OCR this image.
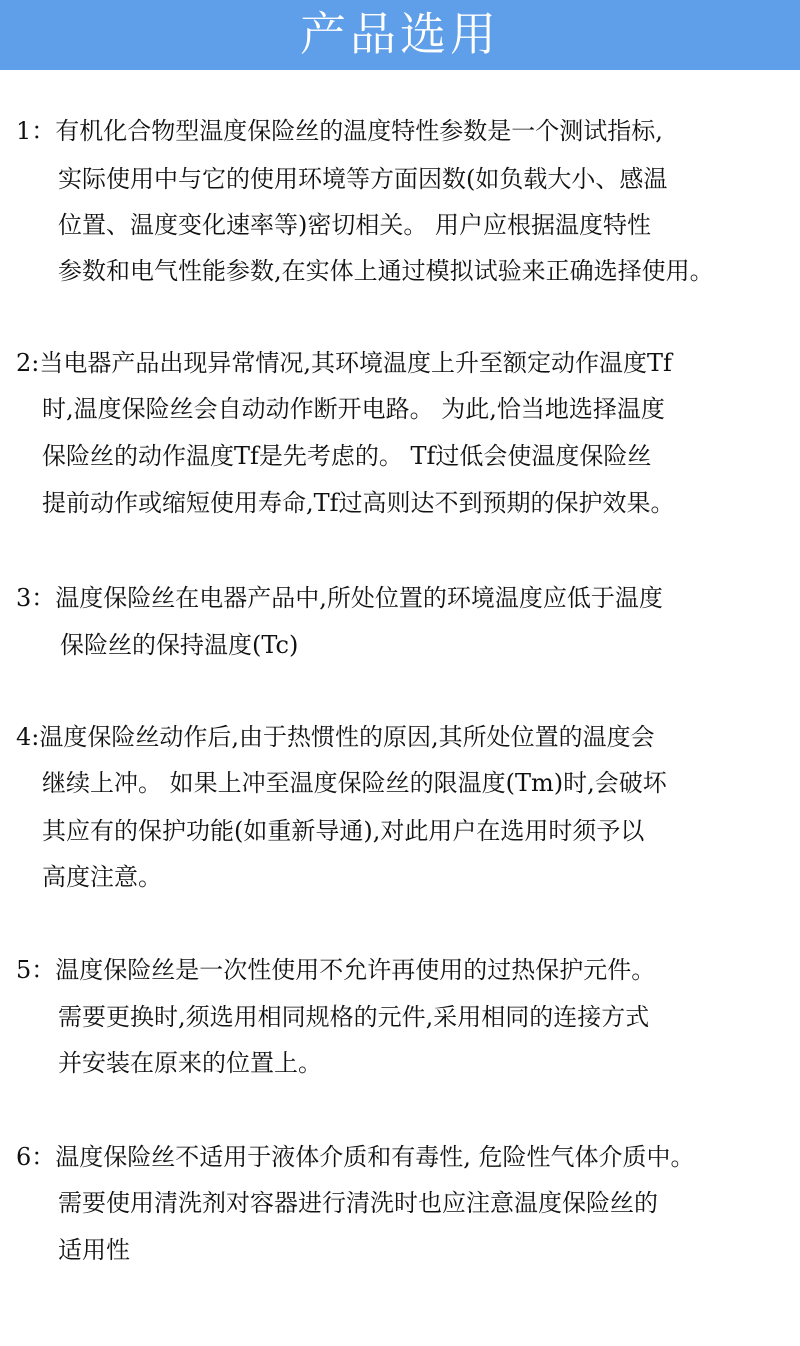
产品选用
1：有机化合物型温度保险丝的温度特性参数是一个测试指标,
实际使用中与它的使用环境等方面因数(如负载大小、感温
位置、温度变化速率等)密切相关。 用户应根据温度特性
参数和电气性能参数,在实体上通过模拟试验来正确选择使用。
2:当电器产品出现异常情况,其环境温度上升至额定动作温度Tf
时,温度保险丝会自动动作断开电路。 为此,恰当地选择温度
保险丝的动作温度Tf是先考虑的。 Tf过低会使温度保险丝
提前动作或缩短使用寿命,Tf过高则达不到预期的保护效果。
3：温度保险丝在电器产品中,所处位置的环境温度应低于温度
保险丝的保持温度(Tc)
4:温度保险丝动作后,由于热惯性的原因,其所处位置的温度会
继续上冲。 如果上冲至温度保险丝的限温度(Tm)时,会破坏
其应有的保护功能(如重新导通),对此用户在选用时须予以
高度注意。
5：温度保险丝是一次性使用不允许再使用的过热保护元件。
需要更换时,须选用相同规格的元件,采用相同的连接方式
并安装在原来的位置上。
6：温度保险丝不适用于液体介质和有毒性, 危险性气体介质中。
需要使用清洗剂对容器进行清洗时也应注意温度保险丝的
适用性
